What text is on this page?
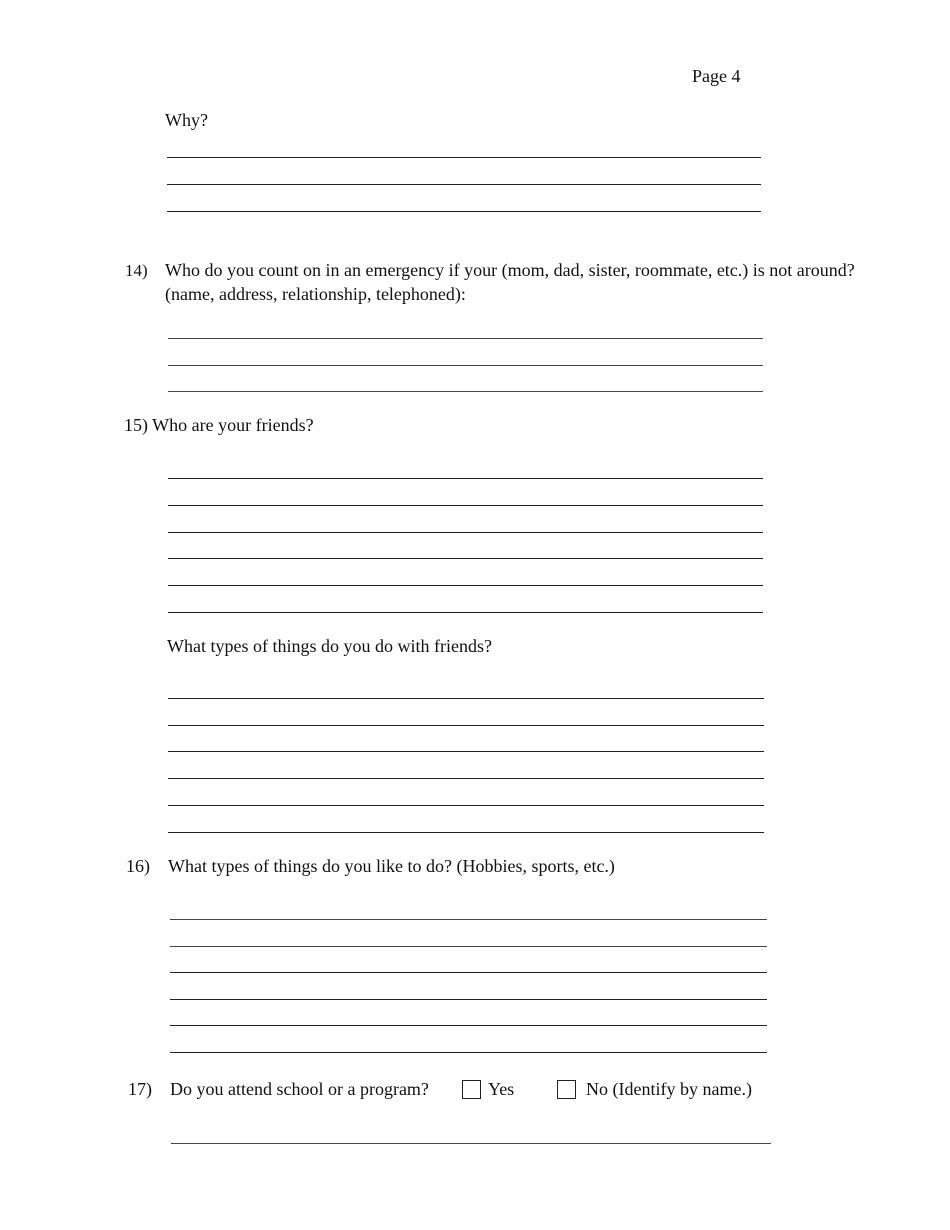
Page 4
Why?
14) Who do you count on in an emergency if your (mom, dad, sister, roommate, etc.) is not around?
(name, address, relationship, telephoned):
15) Who are your friends?
What types of things do you do with friends?
16) What types of things do you like to do? (Hobbies, sports, etc.)
17) Do you attend school or a program?	Yes	No (Identify by name.)
